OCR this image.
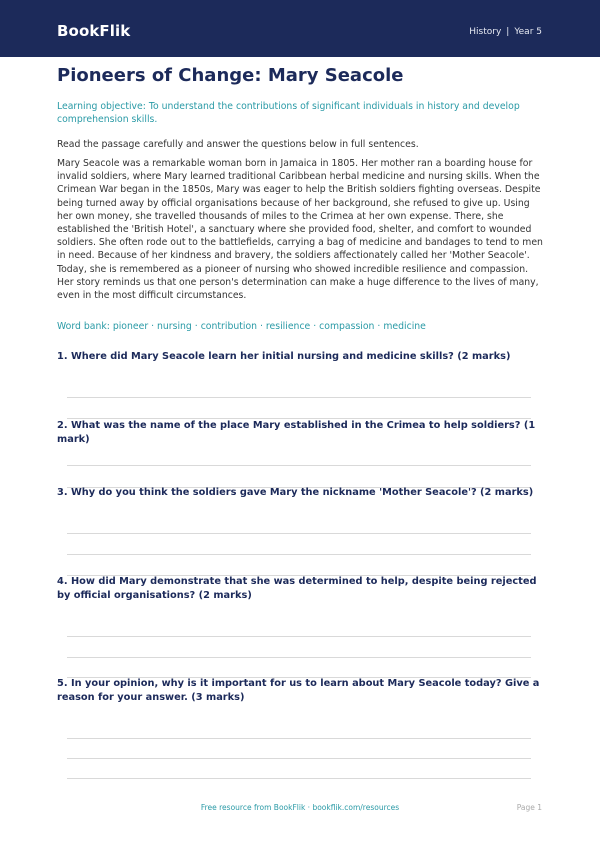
BookFlik	History | Year 5
Pioneers of Change: Mary Seacole
Learning objective: To understand the contributions of significant individuals in history and develop comprehension skills.
Read the passage carefully and answer the questions below in full sentences.

Mary Seacole was a remarkable woman born in Jamaica in 1805. Her mother ran a boarding house for invalid soldiers, where Mary learned traditional Caribbean herbal medicine and nursing skills. When the Crimean War began in the 1850s, Mary was eager to help the British soldiers fighting overseas. Despite being turned away by official organisations because of her background, she refused to give up. Using her own money, she travelled thousands of miles to the Crimea at her own expense. There, she established the 'British Hotel', a sanctuary where she provided food, shelter, and comfort to wounded soldiers. She often rode out to the battlefields, carrying a bag of medicine and bandages to tend to men in need. Because of her kindness and bravery, the soldiers affectionately called her 'Mother Seacole'. Today, she is remembered as a pioneer of nursing who showed incredible resilience and compassion. Her story reminds us that one person's determination can make a huge difference to the lives of many, even in the most difficult circumstances.

Word bank: pioneer · nursing · contribution · resilience · compassion · medicine
1. Where did Mary Seacole learn her initial nursing and medicine skills? (2 marks)
2. What was the name of the place Mary established in the Crimea to help soldiers? (1 mark)
3. Why do you think the soldiers gave Mary the nickname 'Mother Seacole'? (2 marks)
4. How did Mary demonstrate that she was determined to help, despite being rejected by official organisations? (2 marks)
5. In your opinion, why is it important for us to learn about Mary Seacole today? Give a reason for your answer. (3 marks)
Free resource from BookFlik · bookflik.com/resources	Page 1
